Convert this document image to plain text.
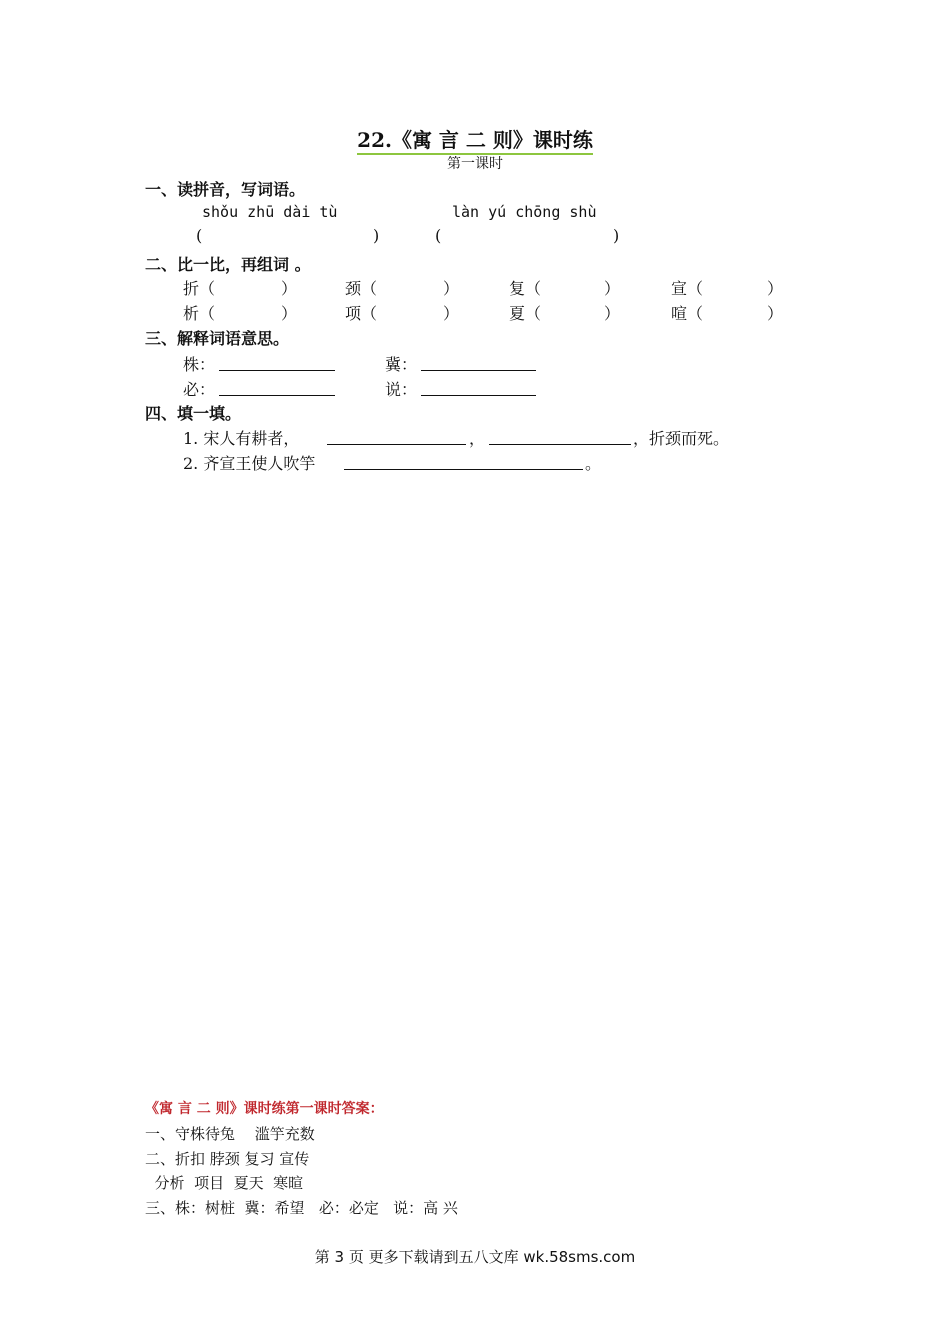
22.《寓 言 二 则》课时练
第一课时
一、读拼音，写词语。
shǒu zhū dài tù	làn yú chōng shù
(	)	(	)
二、比一比，再组词 。
折（	）	颈（	）	复（	）	宣（	）
析（	）	项（	）	夏（	）	喧（	）
三、解释词语意思。
株：	冀：
必：	说：
四、填一填。
1. 宋人有耕者，	，	，折颈而死。
2. 齐宣王使人吹竽	。
《寓 言 二 则》课时练第一课时答案：
一、守株待兔　 滥竽充数
二、折扣 脖颈 复习 宣传
分析  项目  夏天  寒暄
三、株：树桩  冀：希望   必：必定   说：高 兴
第 3 页 更多下载请到五八文库 wk.58sms.com
